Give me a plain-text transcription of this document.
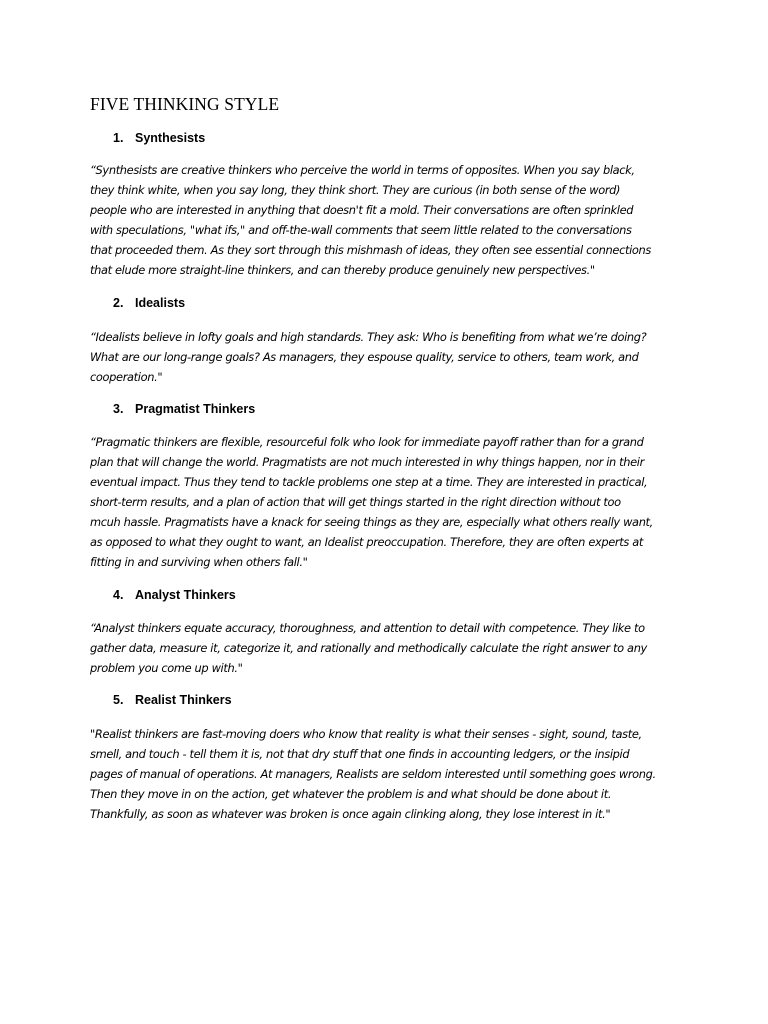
FIVE THINKING STYLE
1. Synthesists
“Synthesists are creative thinkers who perceive the world in terms of opposites. When you say black,
they think white, when you say long, they think short. They are curious (in both sense of the word)
people who are interested in anything that doesn't fit a mold. Their conversations are often sprinkled
with speculations, "what ifs," and off-the-wall comments that seem little related to the conversations
that proceeded them. As they sort through this mishmash of ideas, they often see essential connections
that elude more straight-line thinkers, and can thereby produce genuinely new perspectives."
2. Idealists
“Idealists believe in lofty goals and high standards. They ask: Who is benefiting from what we’re doing?
What are our long-range goals? As managers, they espouse quality, service to others, team work, and
cooperation."
3. Pragmatist Thinkers
“Pragmatic thinkers are flexible, resourceful folk who look for immediate payoff rather than for a grand
plan that will change the world. Pragmatists are not much interested in why things happen, nor in their
eventual impact. Thus they tend to tackle problems one step at a time. They are interested in practical,
short-term results, and a plan of action that will get things started in the right direction without too
mcuh hassle. Pragmatists have a knack for seeing things as they are, especially what others really want,
as opposed to what they ought to want, an Idealist preoccupation. Therefore, they are often experts at
fitting in and surviving when others fall."
4. Analyst Thinkers
“Analyst thinkers equate accuracy, thoroughness, and attention to detail with competence. They like to
gather data, measure it, categorize it, and rationally and methodically calculate the right answer to any
problem you come up with."
5. Realist Thinkers
"Realist thinkers are fast-moving doers who know that reality is what their senses - sight, sound, taste,
smell, and touch - tell them it is, not that dry stuff that one finds in accounting ledgers, or the insipid
pages of manual of operations. At managers, Realists are seldom interested until something goes wrong.
Then they move in on the action, get whatever the problem is and what should be done about it.
Thankfully, as soon as whatever was broken is once again clinking along, they lose interest in it."
